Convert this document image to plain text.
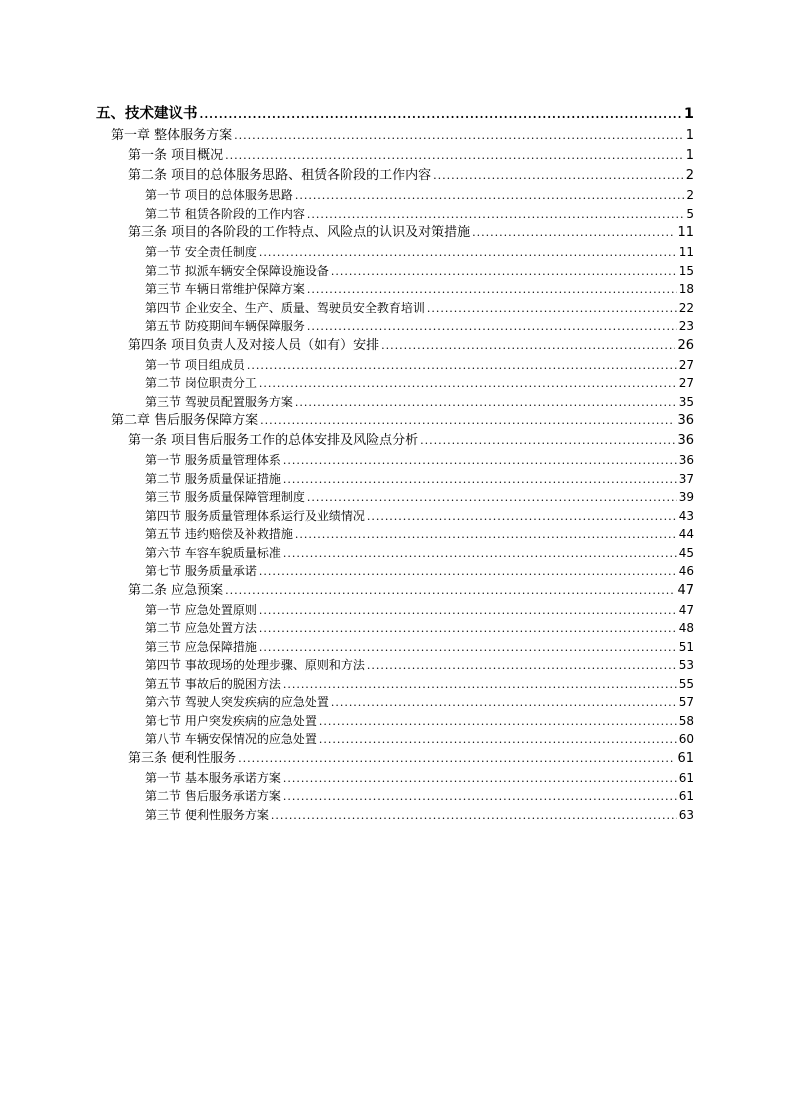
五、技术建议书 .....	1
第一章 整体服务方案 .....	1
第一条 项目概况 .....	1
第二条 项目的总体服务思路、租赁各阶段的工作内容 .....	2
第一节 项目的总体服务思路 .....	2
第二节 租赁各阶段的工作内容 .....	5
第三条 项目的各阶段的工作特点、风险点的认识及对策措施 .....	11
第一节 安全责任制度 .....	11
第二节 拟派车辆安全保障设施设备 .....	15
第三节 车辆日常维护保障方案 .....	18
第四节 企业安全、生产、质量、驾驶员安全教育培训 .....	22
第五节 防疫期间车辆保障服务 .....	23
第四条 项目负责人及对接人员（如有）安排 .....	26
第一节 项目组成员 .....	27
第二节 岗位职责分工 .....	27
第三节 驾驶员配置服务方案 .....	35
第二章 售后服务保障方案 .....	36
第一条 项目售后服务工作的总体安排及风险点分析 .....	36
第一节 服务质量管理体系 .....	36
第二节 服务质量保证措施 .....	37
第三节 服务质量保障管理制度 .....	39
第四节 服务质量管理体系运行及业绩情况 .....	43
第五节 违约赔偿及补救措施 .....	44
第六节 车容车貌质量标准 .....	45
第七节 服务质量承诺 .....	46
第二条 应急预案 .....	47
第一节 应急处置原则 .....	47
第二节 应急处置方法 .....	48
第三节 应急保障措施 .....	51
第四节 事故现场的处理步骤、原则和方法 .....	53
第五节 事故后的脱困方法 .....	55
第六节 驾驶人突发疾病的应急处置 .....	57
第七节 用户突发疾病的应急处置 .....	58
第八节 车辆安保情况的应急处置 .....	60
第三条 便利性服务 .....	61
第一节 基本服务承诺方案 .....	61
第二节 售后服务承诺方案 .....	61
第三节 便利性服务方案 .....	63
